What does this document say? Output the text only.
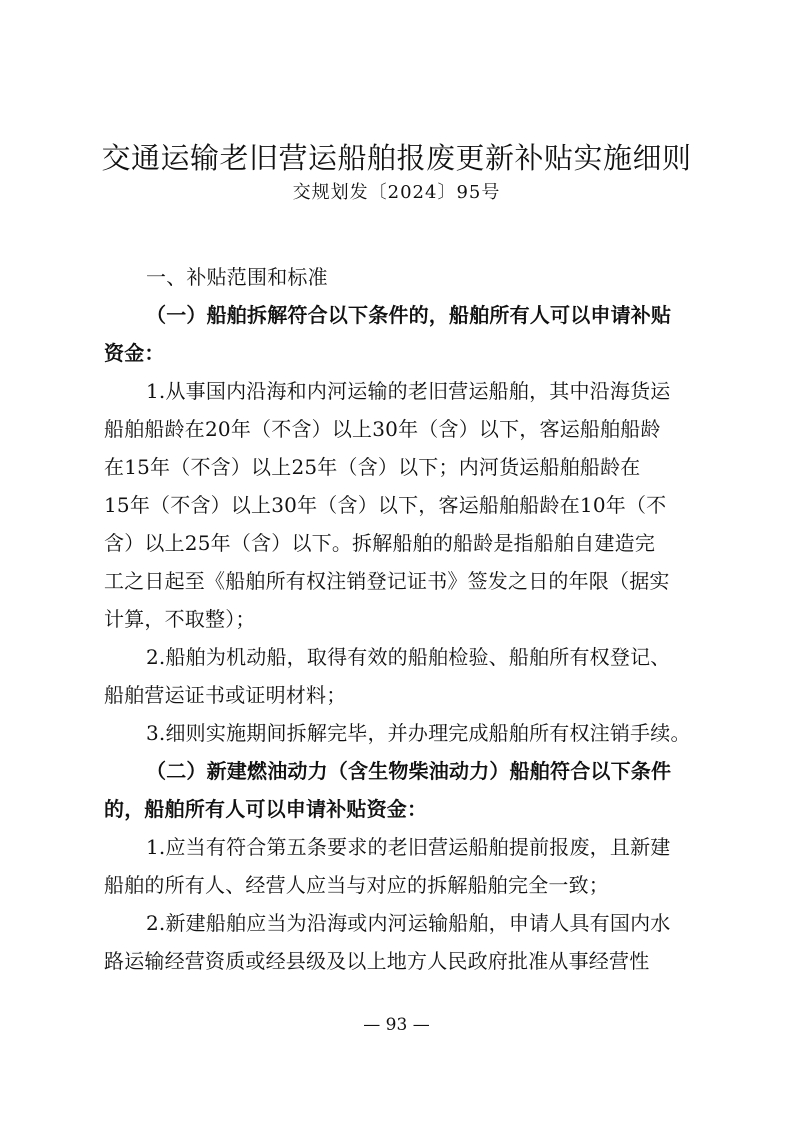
交通运输老旧营运船舶报废更新补贴实施细则
交规划发〔2024〕95号

一、补贴范围和标准

（一）船舶拆解符合以下条件的，船舶所有人可以申请补贴

资金：

1.从事国内沿海和内河运输的老旧营运船舶，其中沿海货运

船舶船龄在20年（不含）以上30年（含）以下，客运船舶船龄

在15年（不含）以上25年（含）以下；内河货运船舶船龄在

15年（不含）以上30年（含）以下，客运船舶船龄在10年（不

含）以上25年（含）以下。拆解船舶的船龄是指船舶自建造完

工之日起至《船舶所有权注销登记证书》签发之日的年限（据实

计算，不取整）；

2.船舶为机动船，取得有效的船舶检验、船舶所有权登记、

船舶营运证书或证明材料；

3.细则实施期间拆解完毕，并办理完成船舶所有权注销手续。

（二）新建燃油动力（含生物柴油动力）船舶符合以下条件

的，船舶所有人可以申请补贴资金：

1.应当有符合第五条要求的老旧营运船舶提前报废，且新建

船舶的所有人、经营人应当与对应的拆解船舶完全一致；

2.新建船舶应当为沿海或内河运输船舶，申请人具有国内水

路运输经营资质或经县级及以上地方人民政府批准从事经营性

— 93 —
